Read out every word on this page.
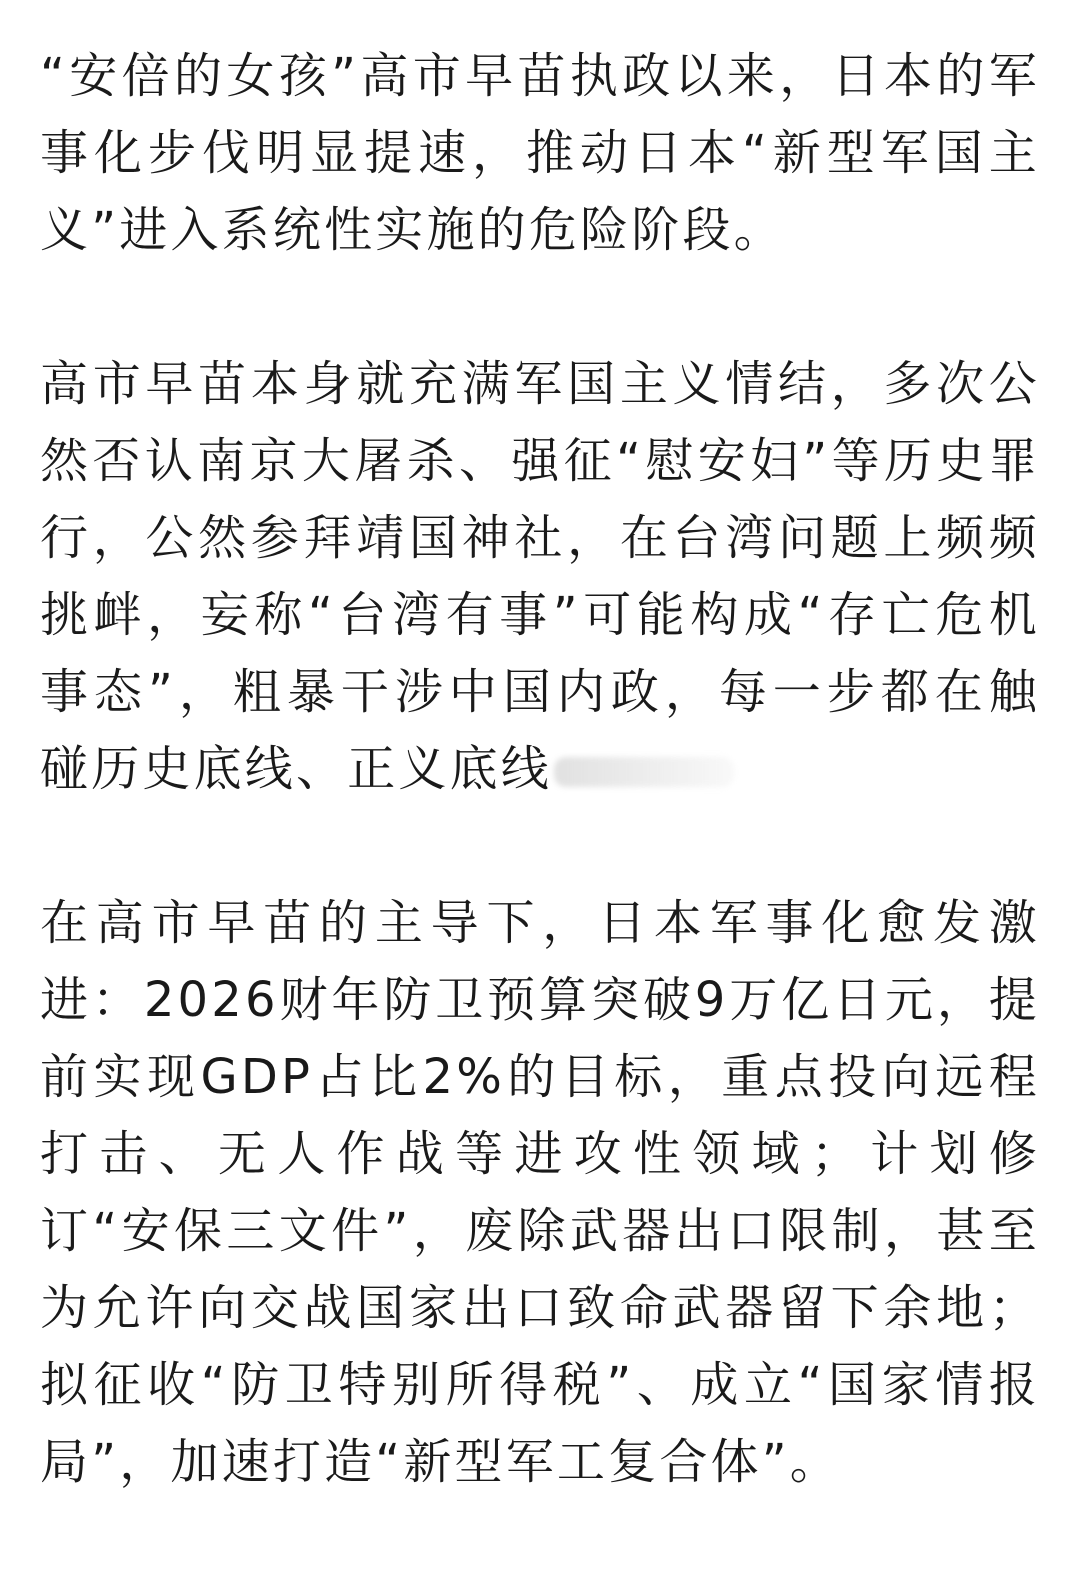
“安倍的女孩”高市早苗执政以来，日本的军事化步伐明显提速，推动日本“新型军国主义”进入系统性实施的危险阶段。

高市早苗本身就充满军国主义情结，多次公然否认南京大屠杀、强征“慰安妇”等历史罪行，公然参拜靖国神社，在台湾问题上频频挑衅，妄称“台湾有事”可能构成“存亡危机事态”，粗暴干涉中国内政，每一步都在触碰历史底线、正义底线

在高市早苗的主导下，日本军事化愈发激进：2026财年防卫预算突破9万亿日元，提前实现GDP占比2%的目标，重点投向远程打击、无人作战等进攻性领域；计划修订“安保三文件”，废除武器出口限制，甚至为允许向交战国家出口致命武器留下余地；拟征收“防卫特别所得税”、成立“国家情报局”，加速打造“新型军工复合体”。
